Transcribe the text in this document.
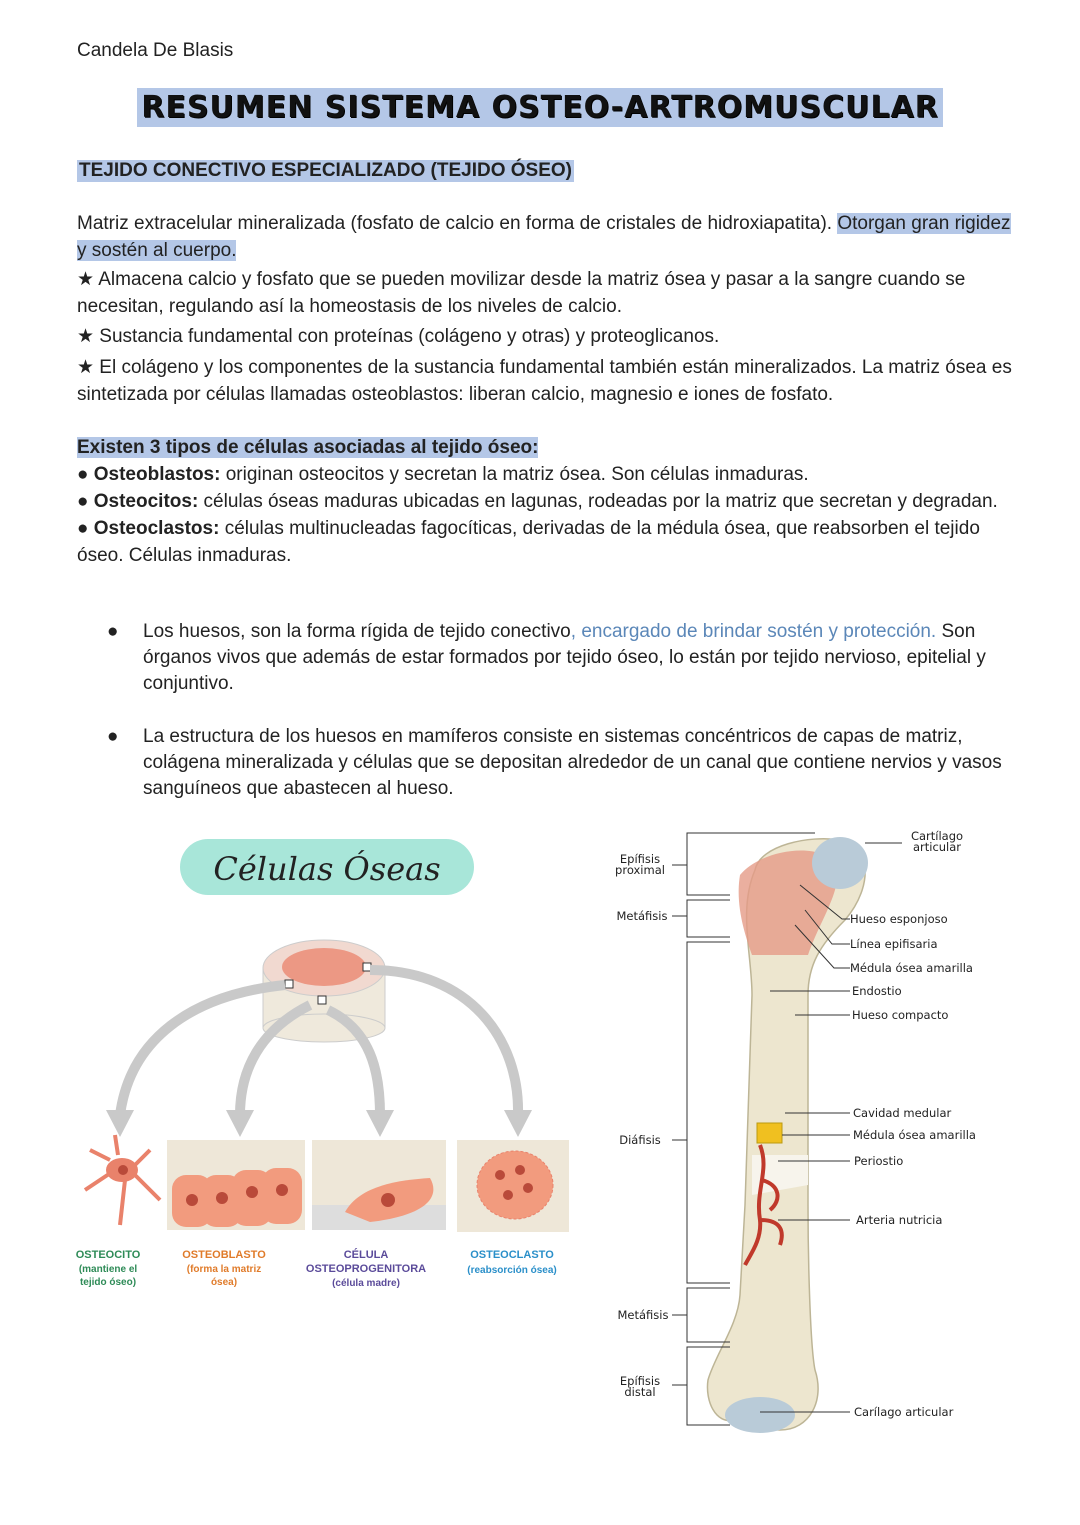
Candela De Blasis
RESUMEN SISTEMA OSTEO-ARTROMUSCULAR
TEJIDO CONECTIVO ESPECIALIZADO (TEJIDO ÓSEO)
Matriz extracelular mineralizada (fosfato de calcio en forma de cristales de hidroxiapatita). Otorgan gran rigidez y sostén al cuerpo.
★ Almacena calcio y fosfato que se pueden movilizar desde la matriz ósea y pasar a la sangre cuando se necesitan, regulando así la homeostasis de los niveles de calcio.
★ Sustancia fundamental con proteínas (colágeno y otras) y proteoglicanos.
★ El colágeno y los componentes de la sustancia fundamental también están mineralizados. La matriz ósea es sintetizada por células llamadas osteoblastos: liberan calcio, magnesio e iones de fosfato.
Existen 3 tipos de células asociadas al tejido óseo:
● Osteoblastos: originan osteocitos y secretan la matriz ósea. Son células inmaduras.
● Osteocitos: células óseas maduras ubicadas en lagunas, rodeadas por la matriz que secretan y degradan.
● Osteoclastos: células multinucleadas fagocíticas, derivadas de la médula ósea, que reabsorben el tejido óseo. Células inmaduras.
●	Los huesos, son la forma rígida de tejido conectivo, encargado de brindar sostén y protección. Son órganos vivos que además de estar formados por tejido óseo, lo están por tejido nervioso, epitelial y conjuntivo.
●	La estructura de los huesos en mamíferos consiste en sistemas concéntricos de capas de matriz, colágena mineralizada y células que se depositan alrededor de un canal que contiene nervios y vasos sanguíneos que abastecen al hueso.
Células Óseas
OSTEOCITO
(mantiene el
tejido óseo)
OSTEOBLASTO
(forma la matriz
ósea)
CÉLULA
OSTEOPROGENITORA
(célula madre)
OSTEOCLASTO
(reabsorción ósea)
Epífisis
proximal
Metáfisis
Diáfisis
Metáfisis
Epífisis
distal
Cartílago
articular
Hueso esponjoso
Línea epifisaria
Médula ósea amarilla
Endostio
Hueso compacto
Cavidad medular
Médula ósea amarilla
Periostio
Arteria nutricia
Carílago articular
